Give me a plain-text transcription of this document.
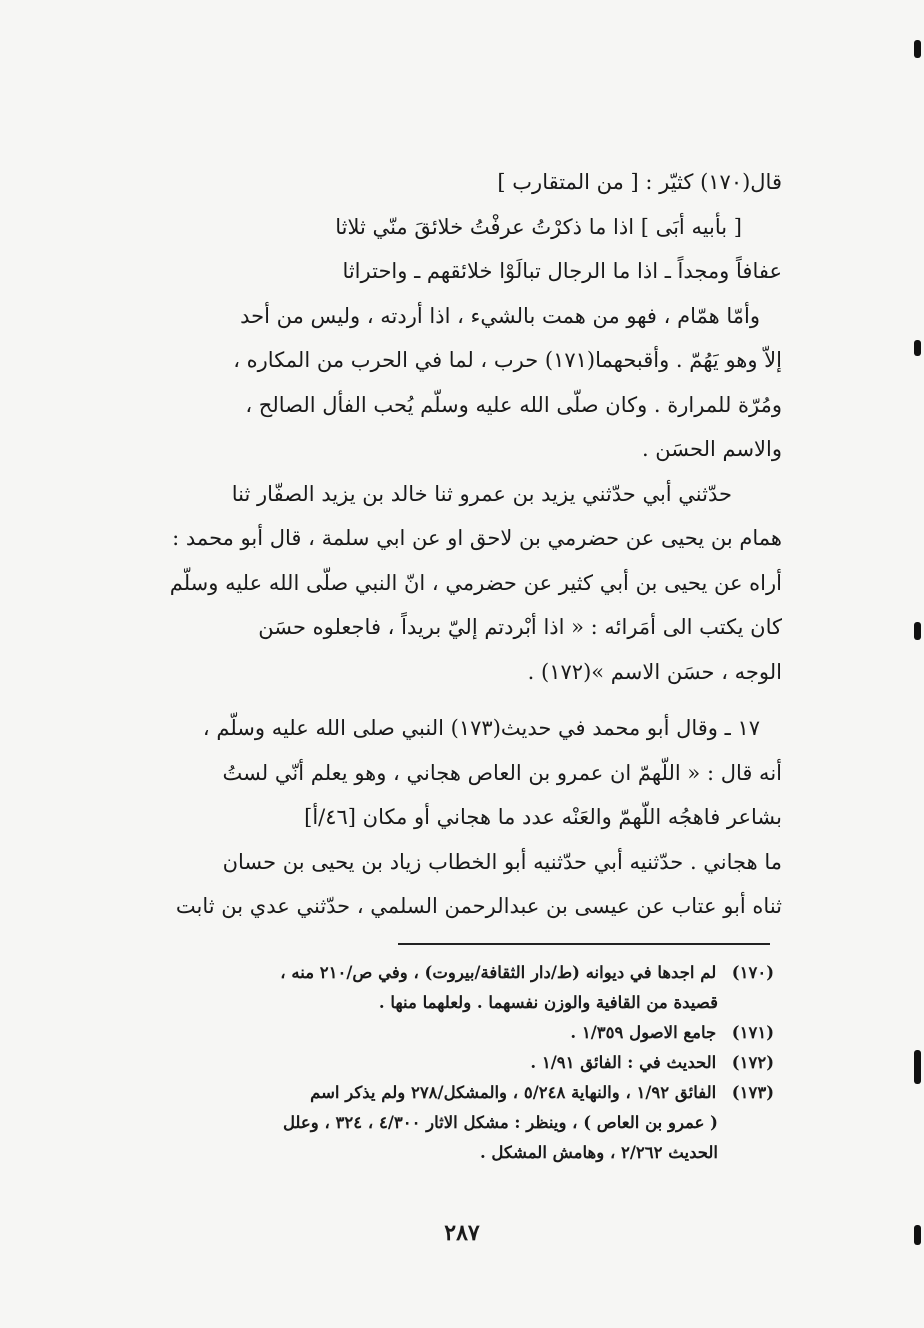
قال(١٧٠) كثيّر : [ من المتقارب ]
[ بأبيه أبَى ] اذا ما ذكرْتُ عرفْتُ خلائقَ منّي ثلاثا
عفافاً ومجداً ـ اذا ما الرجال تبالَوْا خلائقهم ـ واحتراثا
وأمّا همّام ، فهو من همت بالشيء ، اذا أردته ، وليس من أحد
إلاّ وهو يَهُمّ . وأقبحهما(١٧١) حرب ، لما في الحرب من المكاره ،
ومُرّة للمرارة . وكان صلّى الله عليه وسلّم يُحب الفأل الصالح ،
والاسم الحسَن .
حدّثني أبي حدّثني يزيد بن عمرو ثنا خالد بن يزيد الصفّار ثنا
همام بن يحيى عن حضرمي بن لاحق او عن ابي سلمة ، قال أبو محمد :
أراه عن يحيى بن أبي كثير عن حضرمي ، انّ النبي صلّى الله عليه وسلّم
كان يكتب الى أمَرائه : « اذا أبْردتم إليّ بريداً ، فاجعلوه حسَن
الوجه ، حسَن الاسم »(١٧٢) .
١٧ ـ وقال أبو محمد في حديث(١٧٣) النبي صلى الله عليه وسلّم ،
أنه قال : « اللّهمّ ان عمرو بن العاص هجاني ، وهو يعلم أنّي لستُ
بشاعر فاهجُه اللّهمّ والعَنْه عدد ما هجاني أو مكان [٤٦/أ]
ما هجاني . حدّثنيه أبي حدّثنيه أبو الخطاب زياد بن يحيى بن حسان
ثناه أبو عتاب عن عيسى بن عبدالرحمن السلمي ، حدّثني عدي بن ثابت
(١٧٠) لم اجدها في ديوانه (ط/دار الثقافة/بيروت) ، وفي ص/٢١٠ منه ،
قصيدة من القافية والوزن نفسهما . ولعلهما منها .
(١٧١) جامع الاصول ١/٣٥٩ .
(١٧٢) الحديث في : الفائق ١/٩١ .
(١٧٣) الفائق ١/٩٢ ، والنهاية ٥/٢٤٨ ، والمشكل/٢٧٨ ولم يذكر اسم
( عمرو بن العاص ) ، وينظر : مشكل الاثار ٤/٣٠٠ ، ٣٢٤ ، وعلل
الحديث ٢/٢٦٢ ، وهامش المشكل .
٢٨٧
